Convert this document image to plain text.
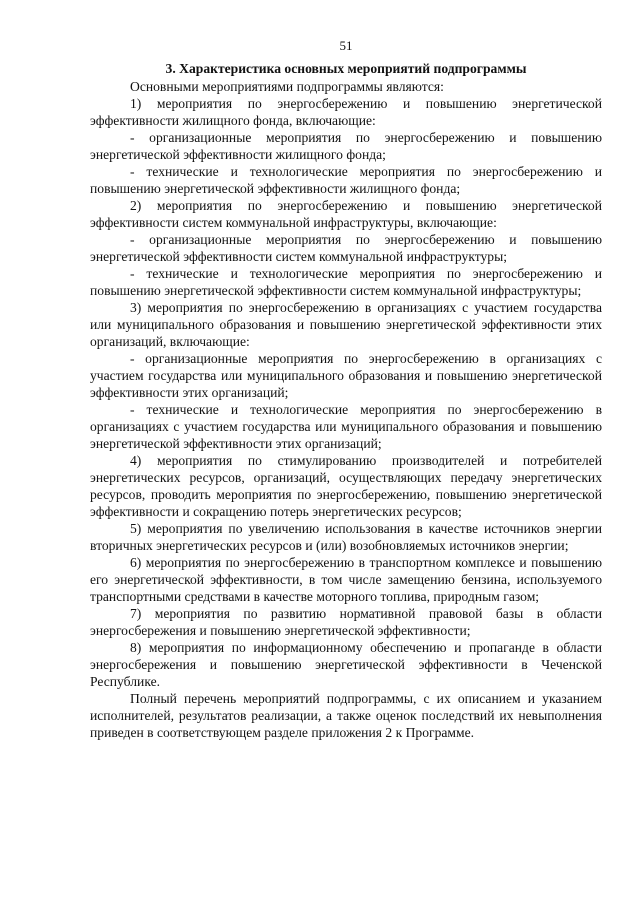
51
3. Характеристика основных мероприятий подпрограммы

Основными мероприятиями подпрограммы являются:

1) мероприятия по энергосбережению и повышению энергетической эффективности жилищного фонда, включающие:

- организационные мероприятия по энергосбережению и повышению энергетической эффективности жилищного фонда;

- технические и технологические мероприятия по энергосбережению и повышению энергетической эффективности жилищного фонда;

2) мероприятия по энергосбережению и повышению энергетической эффективности систем коммунальной инфраструктуры, включающие:

- организационные мероприятия по энергосбережению и повышению энергетической эффективности систем коммунальной инфраструктуры;

- технические и технологические мероприятия по энергосбережению и повышению энергетической эффективности систем коммунальной инфраструктуры;

3) мероприятия по энергосбережению в организациях с участием государства или муниципального образования и повышению энергетической эффективности этих организаций, включающие:

- организационные мероприятия по энергосбережению в организациях с участием государства или муниципального образования и повышению энергетической эффективности этих организаций;

- технические и технологические мероприятия по энергосбережению в организациях с участием государства или муниципального образования и повышению энергетической эффективности этих организаций;

4) мероприятия по стимулированию производителей и потребителей энергетических ресурсов, организаций, осуществляющих передачу энергетических ресурсов, проводить мероприятия по энергосбережению, повышению энергетической эффективности и сокращению потерь энергетических ресурсов;

5) мероприятия по увеличению использования в качестве источников энергии вторичных энергетических ресурсов и (или) возобновляемых источников энергии;

6) мероприятия по энергосбережению в транспортном комплексе и повышению его энергетической эффективности, в том числе замещению бензина, используемого транспортными средствами в качестве моторного топлива, природным газом;

7) мероприятия по развитию нормативной правовой базы в области энергосбережения и повышению энергетической эффективности;

8) мероприятия по информационному обеспечению и пропаганде в области энергосбережения и повышению энергетической эффективности в Чеченской Республике.

Полный перечень мероприятий подпрограммы, с их описанием и указанием исполнителей, результатов реализации, а также оценок последствий их невыполнения приведен в соответствующем разделе приложения 2 к Программе.
